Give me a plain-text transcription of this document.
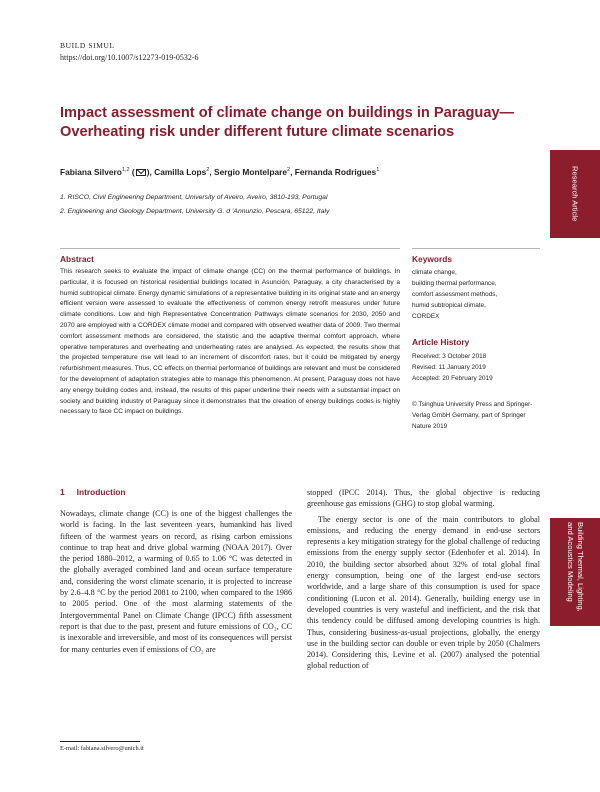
BUILD SIMUL
https://doi.org/10.1007/s12273-019-0532-6
Impact assessment of climate change on buildings in Paraguay—Overheating risk under different future climate scenarios
Fabiana Silvero$^{1,2}$ ( ), Camilla Lops$^2$, Sergio Montelpare$^2$, Fernanda Rodrigues$^1$
1. RISCO, Civil Engineering Department, University of Aveiro, Aveiro, 3810-193, Portugal
2. Engineering and Geology Department, University G. d ’Annunzio, Pescara, 65122, Italy	Research Article
Abstract
This research seeks to evaluate the impact of climate change (CC) on the thermal performance of buildings. In particular, it is focused on historical residential buildings located in Asunción, Paraguay, a city characterised by a humid subtropical climate. Energy dynamic simulations of a representative building in its original state and an energy efficient version were assessed to evaluate the effectiveness of common energy retrofit measures under future climate conditions. Low and high Representative Concentration Pathways climate scenarios for 2030, 2050 and 2070 are employed with a CORDEX climate model and compared with observed weather data of 2009. Two thermal comfort assessment methods are considered, the statistic and the adaptive thermal comfort approach, where operative temperatures and overheating and underheating rates are analysed. As expected, the results show that the projected temperature rise will lead to an increment of discomfort rates, but it could be mitigated by energy refurbishment measures. Thus, CC effects on thermal performance of buildings are relevant and must be considered for the development of adaptation strategies able to manage this phenomenon. At present, Paraguay does not have any energy building codes and, instead, the results of this paper underline their needs with a substantial impact on society and building industry of Paraguay since it demonstrates that the creation of energy buildings codes is highly necessary to face CC impact on buildings.
Keywords
climate change,
building thermal performance,
comfort assessment methods,
humid subtropical climate,
CORDEX
Article History
Received: 3 October 2018
Revised: 11 January 2019
Accepted: 20 February 2019
© Tsinghua University Press and Springer-Verlag GmbH Germany, part of Springer Nature 2019
1 Introduction

Nowadays, climate change (CC) is one of the biggest challenges the world is facing. In the last seventeen years, humankind has lived fifteen of the warmest years on record, as rising carbon emissions continue to trap heat and drive global warming (NOAA 2017). Over the period 1880–2012, a warming of 0.65 to 1.06 °C was detected in the globally averaged combined land and ocean surface temperature and, considering the worst climate scenario, it is projected to increase by 2.6–4.8 °C by the period 2081 to 2100, when compared to the 1986 to 2005 period. One of the most alarming statements of the Intergovernmental Panel on Climate Change (IPCC) fifth assessment report is that due to the past, present and future emissions of CO₂, CC is inexorable and irreversible, and most of its consequences will persist for many centuries even if emissions of CO₂ are

stopped (IPCC 2014). Thus, the global objective is reducing greenhouse gas emissions (GHG) to stop global warming.

The energy sector is one of the main contributors to global emissions, and reducing the energy demand in end-use sectors represents a key mitigation strategy for the global challenge of reducing emissions from the energy supply sector (Edenhofer et al. 2014). In 2010, the building sector absorbed about 32% of total global final energy consumption, being one of the largest end-use sectors worldwide, and a large share of this consumption is used for space conditioning (Lucon et al. 2014). Generally, building energy use in developed countries is very wasteful and inefficient, and the risk that this tendency could be diffused among developing countries is high. Thus, considering business-as-usual projections, globally, the energy use in the building sector can double or even triple by 2050 (Chalmers 2014). Considering this, Levine et al. (2007) analysed the potential global reduction of

Building Thermal, Lighting, and Acoustics Modeling
E-mail: fabiana.silvero@unich.it
